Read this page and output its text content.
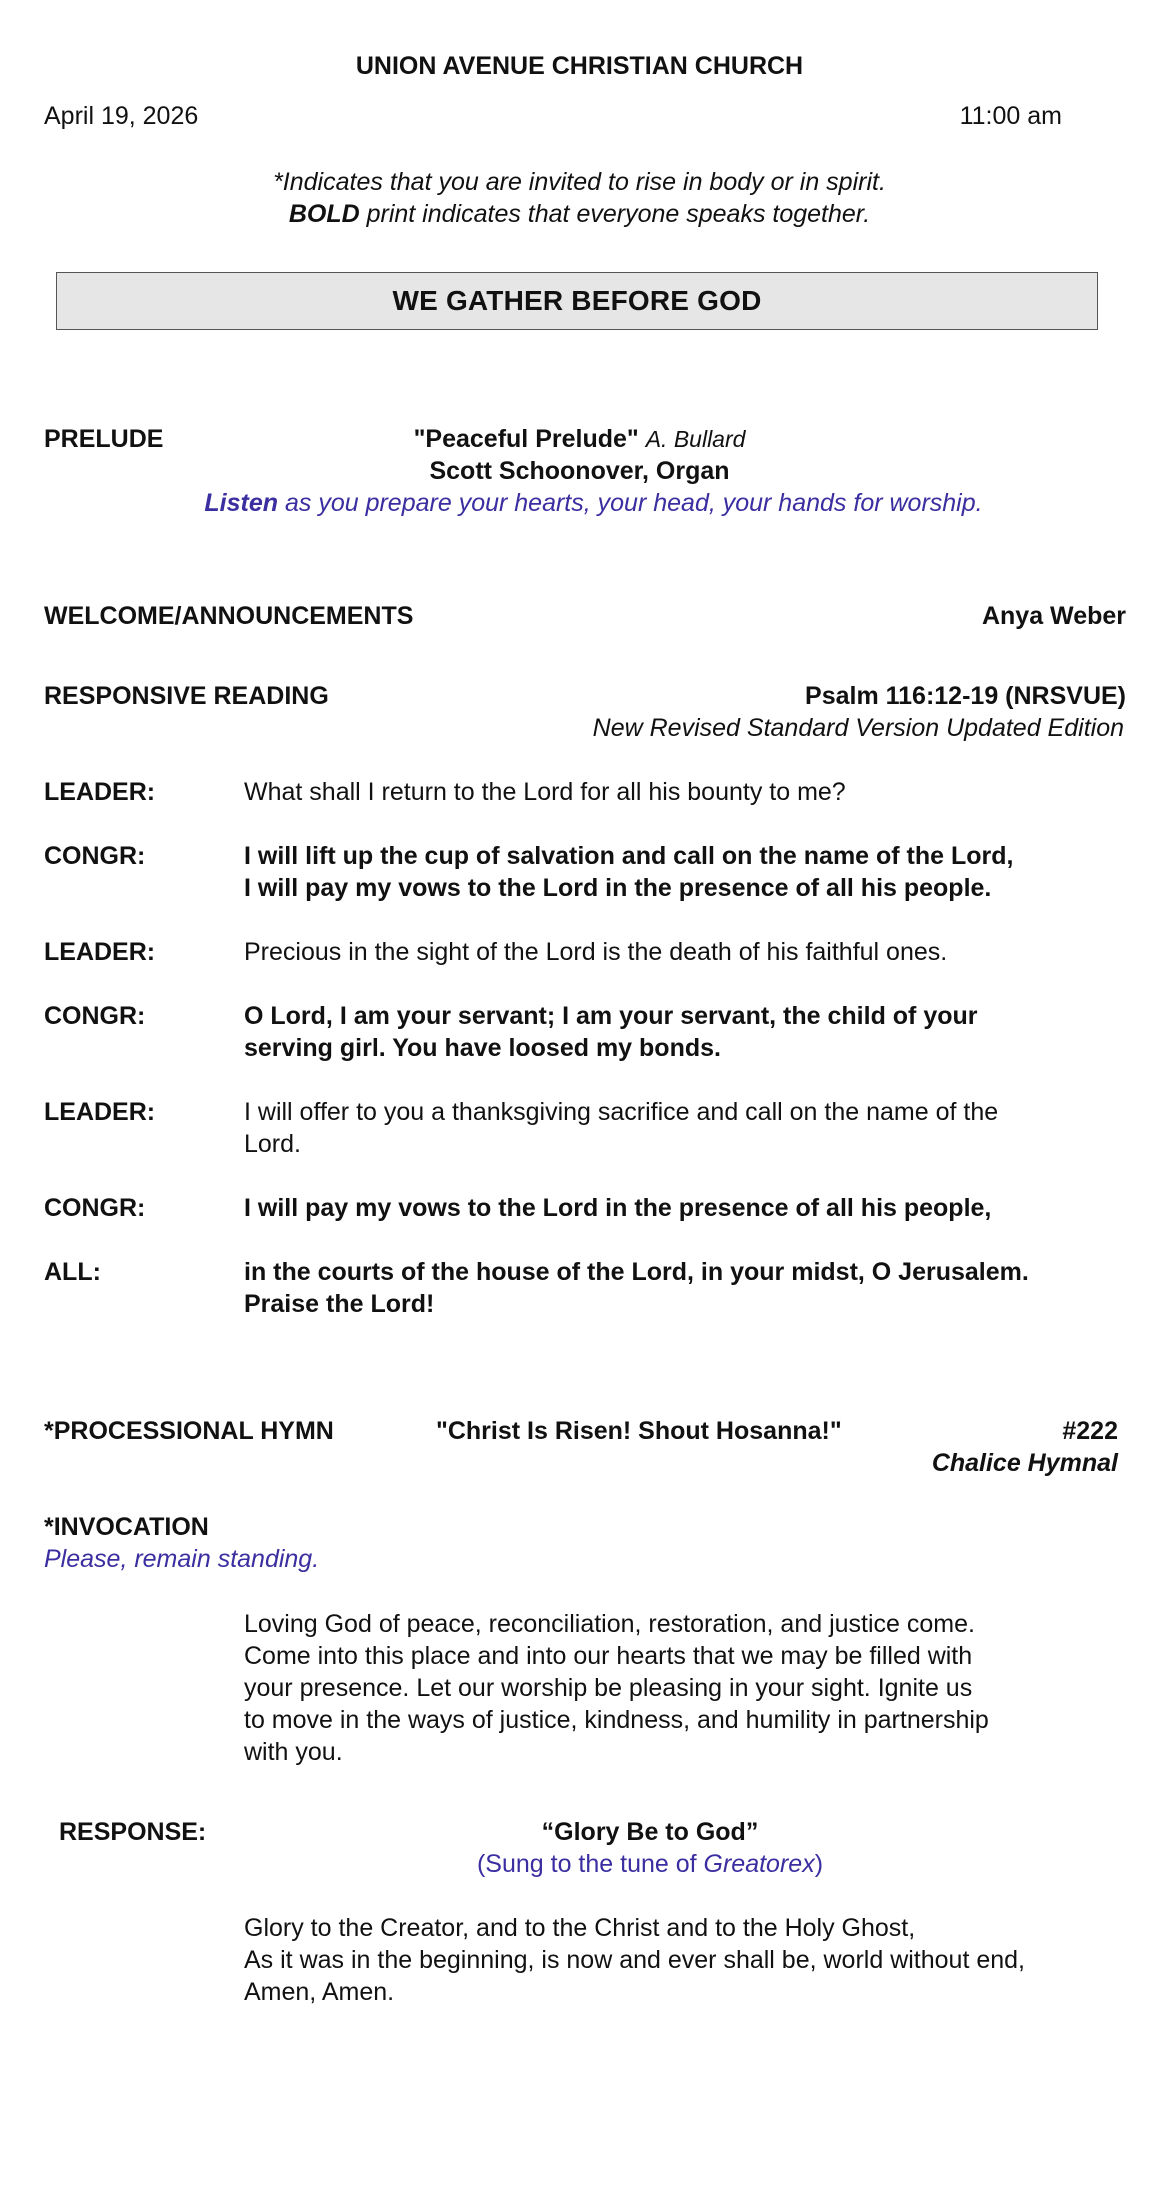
UNION AVENUE CHRISTIAN CHURCH
April 19, 2026	11:00 am
*Indicates that you are invited to rise in body or in spirit.
BOLD print indicates that everyone speaks together.
WE GATHER BEFORE GOD
PRELUDE	"Peaceful Prelude" A. Bullard
Scott Schoonover, Organ
Listen as you prepare your hearts, your head, your hands for worship.
WELCOME/ANNOUNCEMENTS	Anya Weber
RESPONSIVE READING	Psalm 116:12-19 (NRSVUE)
New Revised Standard Version Updated Edition
LEADER:	What shall I return to the Lord for all his bounty to me?
CONGR:	I will lift up the cup of salvation and call on the name of the Lord,
I will pay my vows to the Lord in the presence of all his people.
LEADER:	Precious in the sight of the Lord is the death of his faithful ones.
CONGR:	O Lord, I am your servant; I am your servant, the child of your
serving girl. You have loosed my bonds.
LEADER:	I will offer to you a thanksgiving sacrifice and call on the name of the
Lord.
CONGR:	I will pay my vows to the Lord in the presence of all his people,
ALL:	in the courts of the house of the Lord, in your midst, O Jerusalem.
Praise the Lord!
*PROCESSIONAL HYMN	"Christ Is Risen! Shout Hosanna!"	#222
Chalice Hymnal
*INVOCATION
Please, remain standing.
Loving God of peace, reconciliation, restoration, and justice come.
Come into this place and into our hearts that we may be filled with
your presence. Let our worship be pleasing in your sight. Ignite us
to move in the ways of justice, kindness, and humility in partnership
with you.
RESPONSE:	“Glory Be to God”
(Sung to the tune of Greatorex)
Glory to the Creator, and to the Christ and to the Holy Ghost,
As it was in the beginning, is now and ever shall be, world without end,
Amen, Amen.
